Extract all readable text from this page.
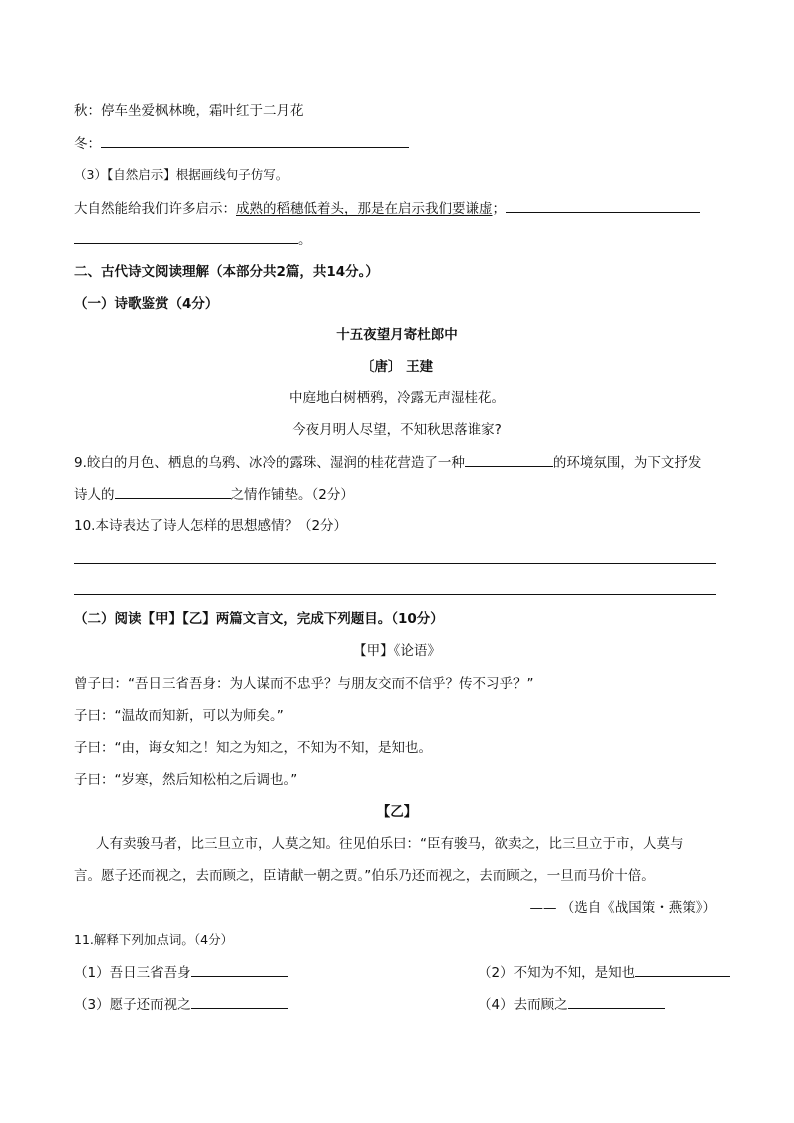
秋：停车坐爱枫林晚，霜叶红于二月花
冬：
（3）【自然启示】根据画线句子仿写。
大自然能给我们许多启示：成熟的稻穗低着头，那是在启示我们要谦虚；
。
二、古代诗文阅读理解（本部分共2篇，共14分。）
（一）诗歌鉴赏（4分）
十五夜望月寄杜郎中
〔唐〕 王建
中庭地白树栖鸦，冷露无声湿桂花。
今夜月明人尽望，不知秋思落谁家?
9.皎白的月色、栖息的乌鸦、冰冷的露珠、湿润的桂花营造了一种	的环境氛围，为下文抒发
诗人的	之情作铺垫。（2分）
10.本诗表达了诗人怎样的思想感情？（2分）
（二）阅读【甲】【乙】两篇文言文，完成下列题目。（10分）
【甲】《论语》
曾子曰：“吾日三省吾身：为人谋而不忠乎？与朋友交而不信乎？传不习乎？”
子曰：“温故而知新，可以为师矣。”
子曰：“由，诲女知之！知之为知之，不知为不知，是知也。
子曰：“岁寒，然后知松柏之后调也。”
【乙】
人有卖骏马者，比三旦立市，人莫之知。往见伯乐曰：“臣有骏马，欲卖之，比三旦立于市，人莫与
言。愿子还而视之，去而顾之，臣请献一朝之贾。”伯乐乃还而视之，去而顾之，一旦而马价十倍。
—— （选自《战国策・燕策》）
11.解释下列加点词。（4分）
（1）吾日三省吾身	（2）不知为不知，是知也
（3）愿子还而视之	（4）去而顾之
